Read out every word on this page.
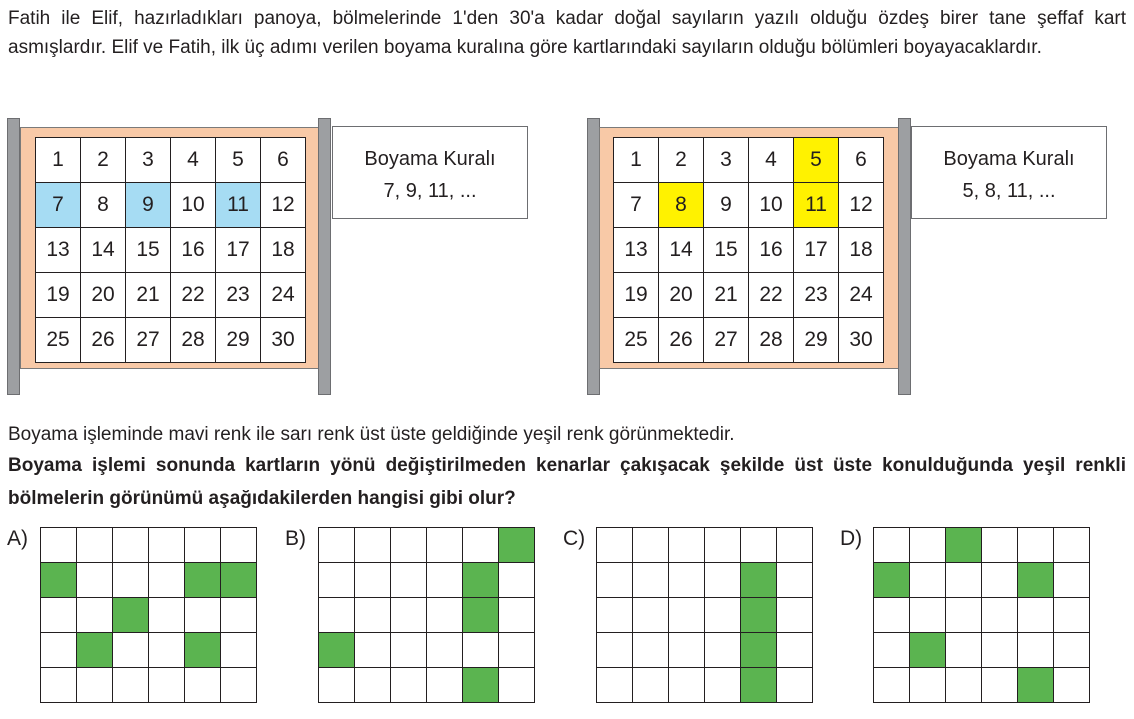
Fatih ile Elif, hazırladıkları panoya, bölmelerinde 1'den 30'a kadar doğal sayıların yazılı olduğu özdeş birer tane şeffaf kart asmışlardır. Elif ve Fatih, ilk üç adımı verilen boyama kuralına göre kartlarındaki sayıların olduğu bölümleri boyayacaklardır.

1	2	3	4	5	6
7	8	9	10	11	12
13	14	15	16	17	18
19	20	21	22	23	24
25	26	27	28	29	30
Boyama Kuralı
7, 9, 11, ...
1	2	3	4	5	6
7	8	9	10	11	12
13	14	15	16	17	18
19	20	21	22	23	24
25	26	27	28	29	30
Boyama Kuralı
5, 8, 11, ...

Boyama işleminde mavi renk ile sarı renk üst üste geldiğinde yeşil renk görünmektedir.

Boyama işlemi sonunda kartların yönü değiştirilmeden kenarlar çakışacak şekilde üst üste konulduğunda yeşil renkli bölmelerin görünümü aşağıdakilerden hangisi gibi olur?

A)

						B)

						C)

						D)
